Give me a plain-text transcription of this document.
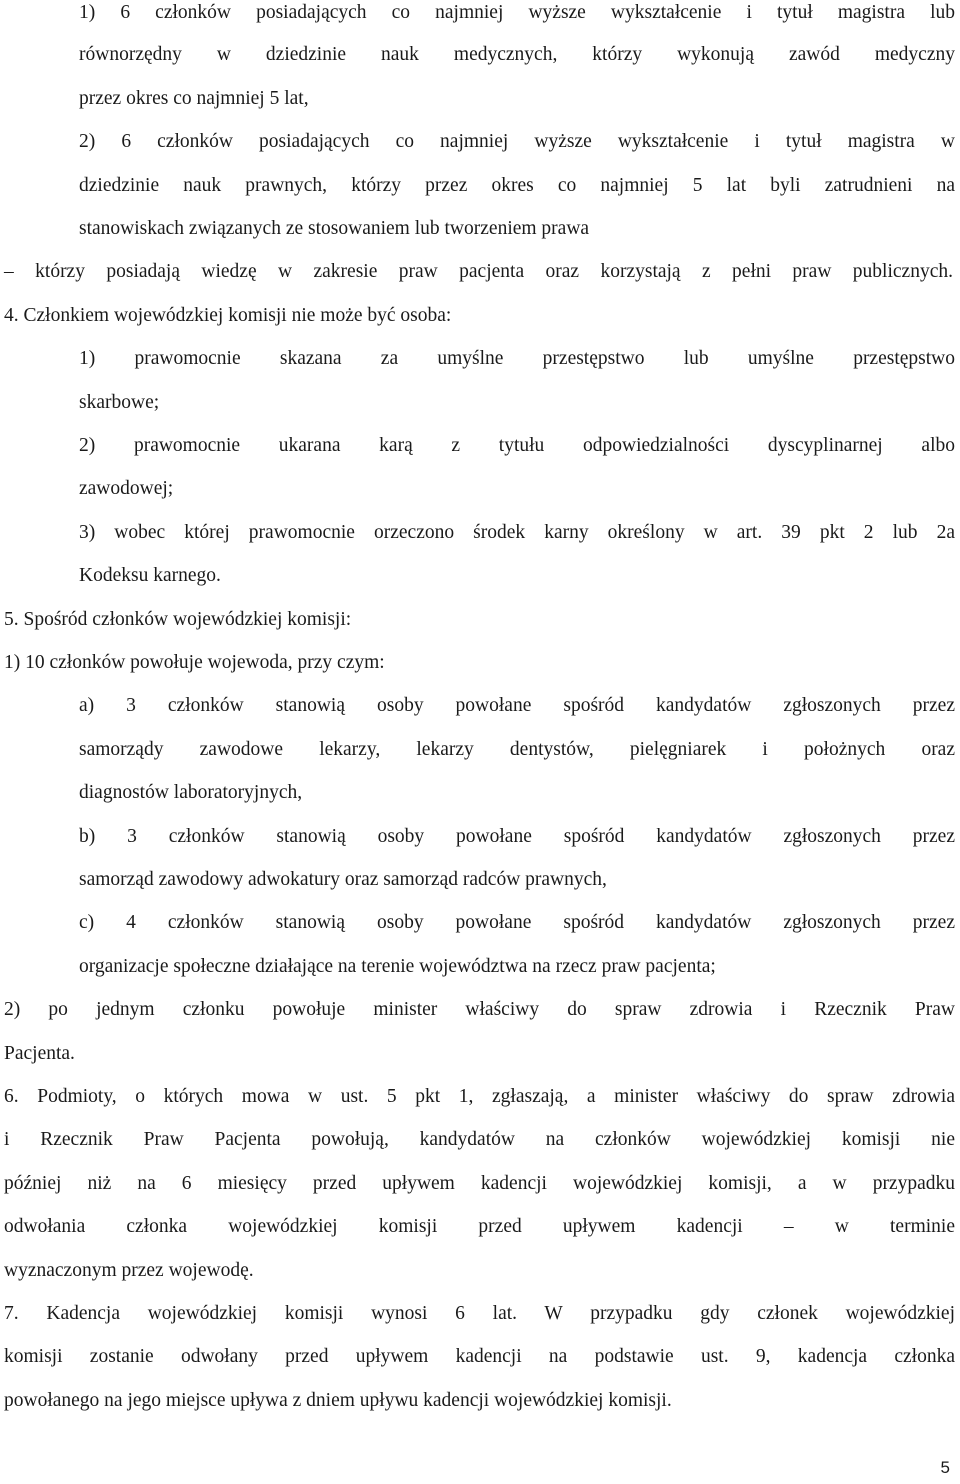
1) 6 członków posiadających co najmniej wyższe wykształcenie i tytuł magistra lub
równorzędny w dziedzinie nauk medycznych, którzy wykonują zawód medyczny
przez okres co najmniej 5 lat,
2) 6 członków posiadających co najmniej wyższe wykształcenie i tytuł magistra w
dziedzinie nauk prawnych, którzy przez okres co najmniej 5 lat byli zatrudnieni na
stanowiskach związanych ze stosowaniem lub tworzeniem prawa
– którzy posiadają wiedzę w zakresie praw pacjenta oraz korzystają z pełni praw publicznych.
4. Członkiem wojewódzkiej komisji nie może być osoba:
1) prawomocnie skazana za umyślne przestępstwo lub umyślne przestępstwo
skarbowe;
2) prawomocnie ukarana karą z tytułu odpowiedzialności dyscyplinarnej albo
zawodowej;
3) wobec której prawomocnie orzeczono środek karny określony w art. 39 pkt 2 lub 2a
Kodeksu karnego.
5. Spośród członków wojewódzkiej komisji:
1) 10 członków powołuje wojewoda, przy czym:
a) 3 członków stanowią osoby powołane spośród kandydatów zgłoszonych przez
samorządy zawodowe lekarzy, lekarzy dentystów, pielęgniarek i położnych oraz
diagnostów laboratoryjnych,
b) 3 członków stanowią osoby powołane spośród kandydatów zgłoszonych przez
samorząd zawodowy adwokatury oraz samorząd radców prawnych,
c) 4 członków stanowią osoby powołane spośród kandydatów zgłoszonych przez
organizacje społeczne działające na terenie województwa na rzecz praw pacjenta;
2) po jednym członku powołuje minister właściwy do spraw zdrowia i Rzecznik Praw
Pacjenta.
6. Podmioty, o których mowa w ust. 5 pkt 1, zgłaszają, a minister właściwy do spraw zdrowia
i Rzecznik Praw Pacjenta powołują, kandydatów na członków wojewódzkiej komisji nie
później niż na 6 miesięcy przed upływem kadencji wojewódzkiej komisji, a w przypadku
odwołania członka wojewódzkiej komisji przed upływem kadencji – w terminie
wyznaczonym przez wojewodę.
7. Kadencja wojewódzkiej komisji wynosi 6 lat. W przypadku gdy członek wojewódzkiej
komisji zostanie odwołany przed upływem kadencji na podstawie ust. 9, kadencja członka
powołanego na jego miejsce upływa z dniem upływu kadencji wojewódzkiej komisji.
5
